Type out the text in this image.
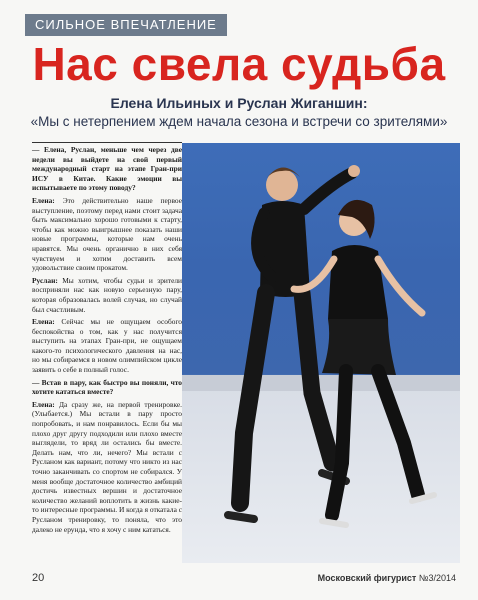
СИЛЬНОЕ ВПЕЧАТЛЕНИЕ
Нас свела судьба
Елена Ильиных и Руслан Жиганшин:
«Мы с нетерпением ждем начала сезона и встречи со зрителями»

— Елена, Руслан, меньше чем через две недели вы выйдете на свой первый международный старт на этапе Гран-при ИСУ в Китае. Какие эмоции вы испытываете по этому поводу?

Елена: Это действительно наше первое выступление, поэтому перед нами стоит задача быть максимально хорошо готовыми к старту, чтобы как можно выигрышнее показать наши новые программы, которые нам очень нравятся. Мы очень органично в них себя чувствуем и хотим доставить всем удовольствие своим прокатом.

Руслан: Мы хотим, чтобы судьи и зрители восприняли нас как новую серьезную пару, которая образовалась волей случая, но случай был счастливым.

Елена: Сейчас мы не ощущаем особого беспокойства о том, как у нас получится выступить на этапах Гран-при, не ощущаем какого-то психологического давления на нас, но мы собираемся в новом олимпийском цикле заявить о себе в полный голос.

— Встав в пару, как быстро вы поняли, что хотите кататься вместе?

Елена: Да сразу же, на первой тренировке. (Улыбается.) Мы встали в пару просто попробовать, и нам понравилось. Если бы мы плохо друг другу подходили или плохо вместе выглядели, то вряд ли остались бы вместе. Делать нам, что ли, нечего? Мы встали с Русланом как вариант, потому что никто из нас точно заканчивать со спортом не собирался. У меня вообще достаточное количество амбиций достичь известных вершин и достаточное количество желаний воплотить в жизнь какие-то интересные программы. И когда я откатала с Русланом тренировку, то поняла, что это далеко не ерунда, что я хочу с ним кататься.

20	Московский фигурист №3/2014
